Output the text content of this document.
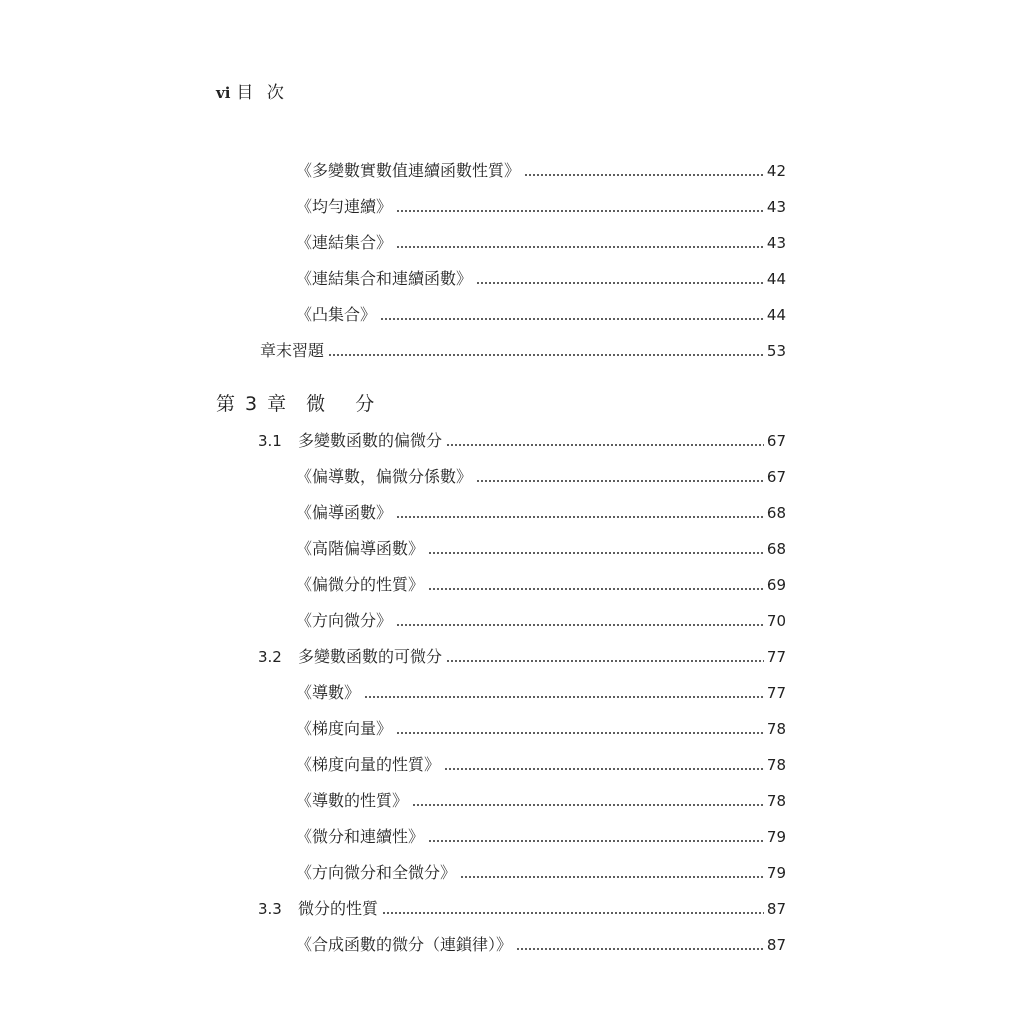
vi 目 次
《多變數實數值連續函數性質》	42
《均勻連續》	43
《連結集合》	43
《連結集合和連續函數》	44
《凸集合》	44
章末習題	53
3.1	多變數函數的偏微分	67
《偏導數，偏微分係數》	67
《偏導函數》	68
《高階偏導函數》	68
《偏微分的性質》	69
《方向微分》	70
3.2	多變數函數的可微分	77
《導數》	77
《梯度向量》	78
《梯度向量的性質》	78
《導數的性質》	78
《微分和連續性》	79
《方向微分和全微分》	79
3.3	微分的性質	87
《合成函數的微分（連鎖律）》	87
第 3 章 微 分
